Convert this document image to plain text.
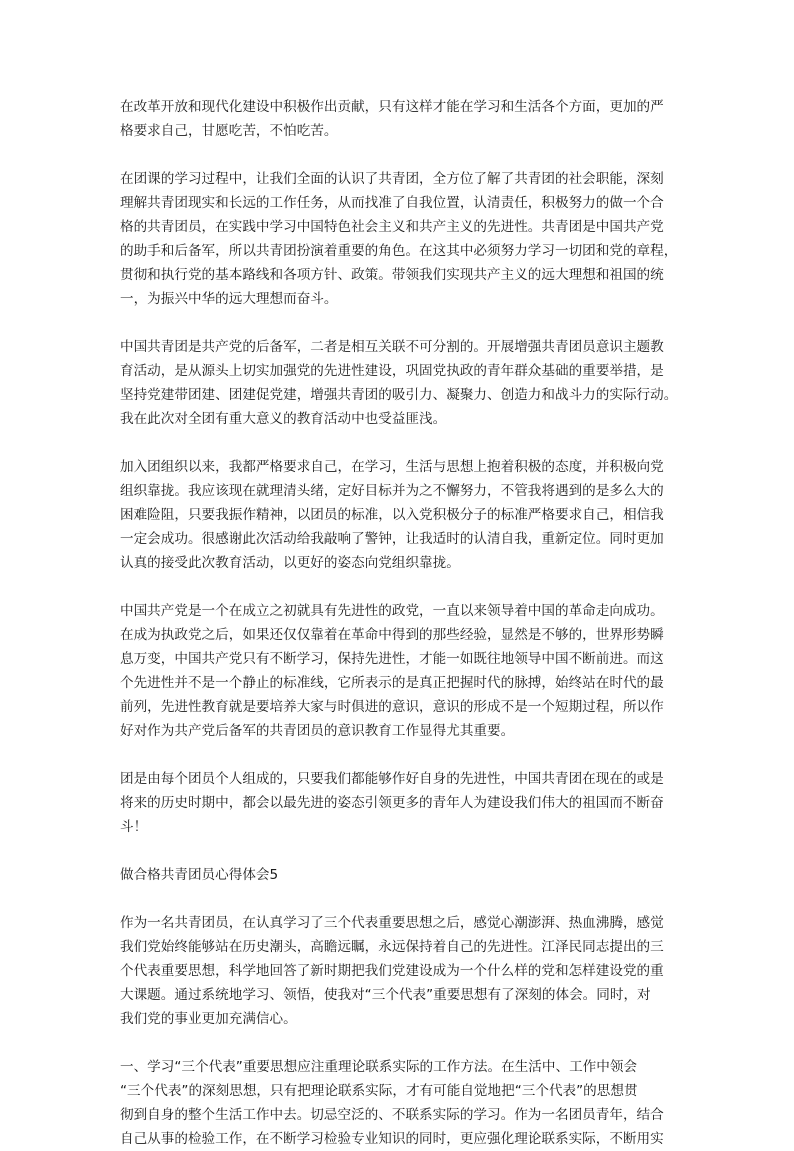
在改革开放和现代化建设中积极作出贡献，只有这样才能在学习和生活各个方面，更加的严
格要求自己，甘愿吃苦，不怕吃苦。

在团课的学习过程中，让我们全面的认识了共青团，全方位了解了共青团的社会职能，深刻
理解共青团现实和长远的工作任务，从而找准了自我位置，认清责任，积极努力的做一个合
格的共青团员，在实践中学习中国特色社会主义和共产主义的先进性。共青团是中国共产党
的助手和后备军，所以共青团扮演着重要的角色。在这其中必须努力学习一切团和党的章程，
贯彻和执行党的基本路线和各项方针、政策。带领我们实现共产主义的远大理想和祖国的统
一，为振兴中华的远大理想而奋斗。

中国共青团是共产党的后备军，二者是相互关联不可分割的。开展增强共青团员意识主题教
育活动，是从源头上切实加强党的先进性建设，巩固党执政的青年群众基础的重要举措，是
坚持党建带团建、团建促党建，增强共青团的吸引力、凝聚力、创造力和战斗力的实际行动。
我在此次对全团有重大意义的教育活动中也受益匪浅。

加入团组织以来，我都严格要求自己，在学习，生活与思想上抱着积极的态度，并积极向党
组织靠拢。我应该现在就理清头绪，定好目标并为之不懈努力，不管我将遇到的是多么大的
困难险阻，只要我振作精神，以团员的标准，以入党积极分子的标准严格要求自己，相信我
一定会成功。很感谢此次活动给我敲响了警钟，让我适时的认清自我，重新定位。同时更加
认真的接受此次教育活动，以更好的姿态向党组织靠拢。

中国共产党是一个在成立之初就具有先进性的政党，一直以来领导着中国的革命走向成功。
在成为执政党之后，如果还仅仅靠着在革命中得到的那些经验，显然是不够的，世界形势瞬
息万变，中国共产党只有不断学习，保持先进性，才能一如既往地领导中国不断前进。而这
个先进性并不是一个静止的标准线，它所表示的是真正把握时代的脉搏，始终站在时代的最
前列，先进性教育就是要培养大家与时俱进的意识，意识的形成不是一个短期过程，所以作
好对作为共产党后备军的共青团员的意识教育工作显得尤其重要。

团是由每个团员个人组成的，只要我们都能够作好自身的先进性，中国共青团在现在的或是
将来的历史时期中，都会以最先进的姿态引领更多的青年人为建设我们伟大的祖国而不断奋
斗！

做合格共青团员心得体会5

作为一名共青团员，在认真学习了三个代表重要思想之后，感觉心潮澎湃、热血沸腾，感觉
我们党始终能够站在历史潮头，高瞻远瞩，永远保持着自己的先进性。江泽民同志提出的三
个代表重要思想，科学地回答了新时期把我们党建设成为一个什么样的党和怎样建设党的重
大课题。通过系统地学习、领悟，使我对“三个代表”重要思想有了深刻的体会。同时，对
我们党的事业更加充满信心。

一、学习“三个代表”重要思想应注重理论联系实际的工作方法。在生活中、工作中领会
“三个代表”的深刻思想，只有把理论联系实际，才有可能自觉地把“三个代表”的思想贯
彻到自身的整个生活工作中去。切忌空泛的、不联系实际的学习。作为一名团员青年，结合
自己从事的检验工作，在不断学习检验专业知识的同时，更应强化理论联系实际，不断用实
